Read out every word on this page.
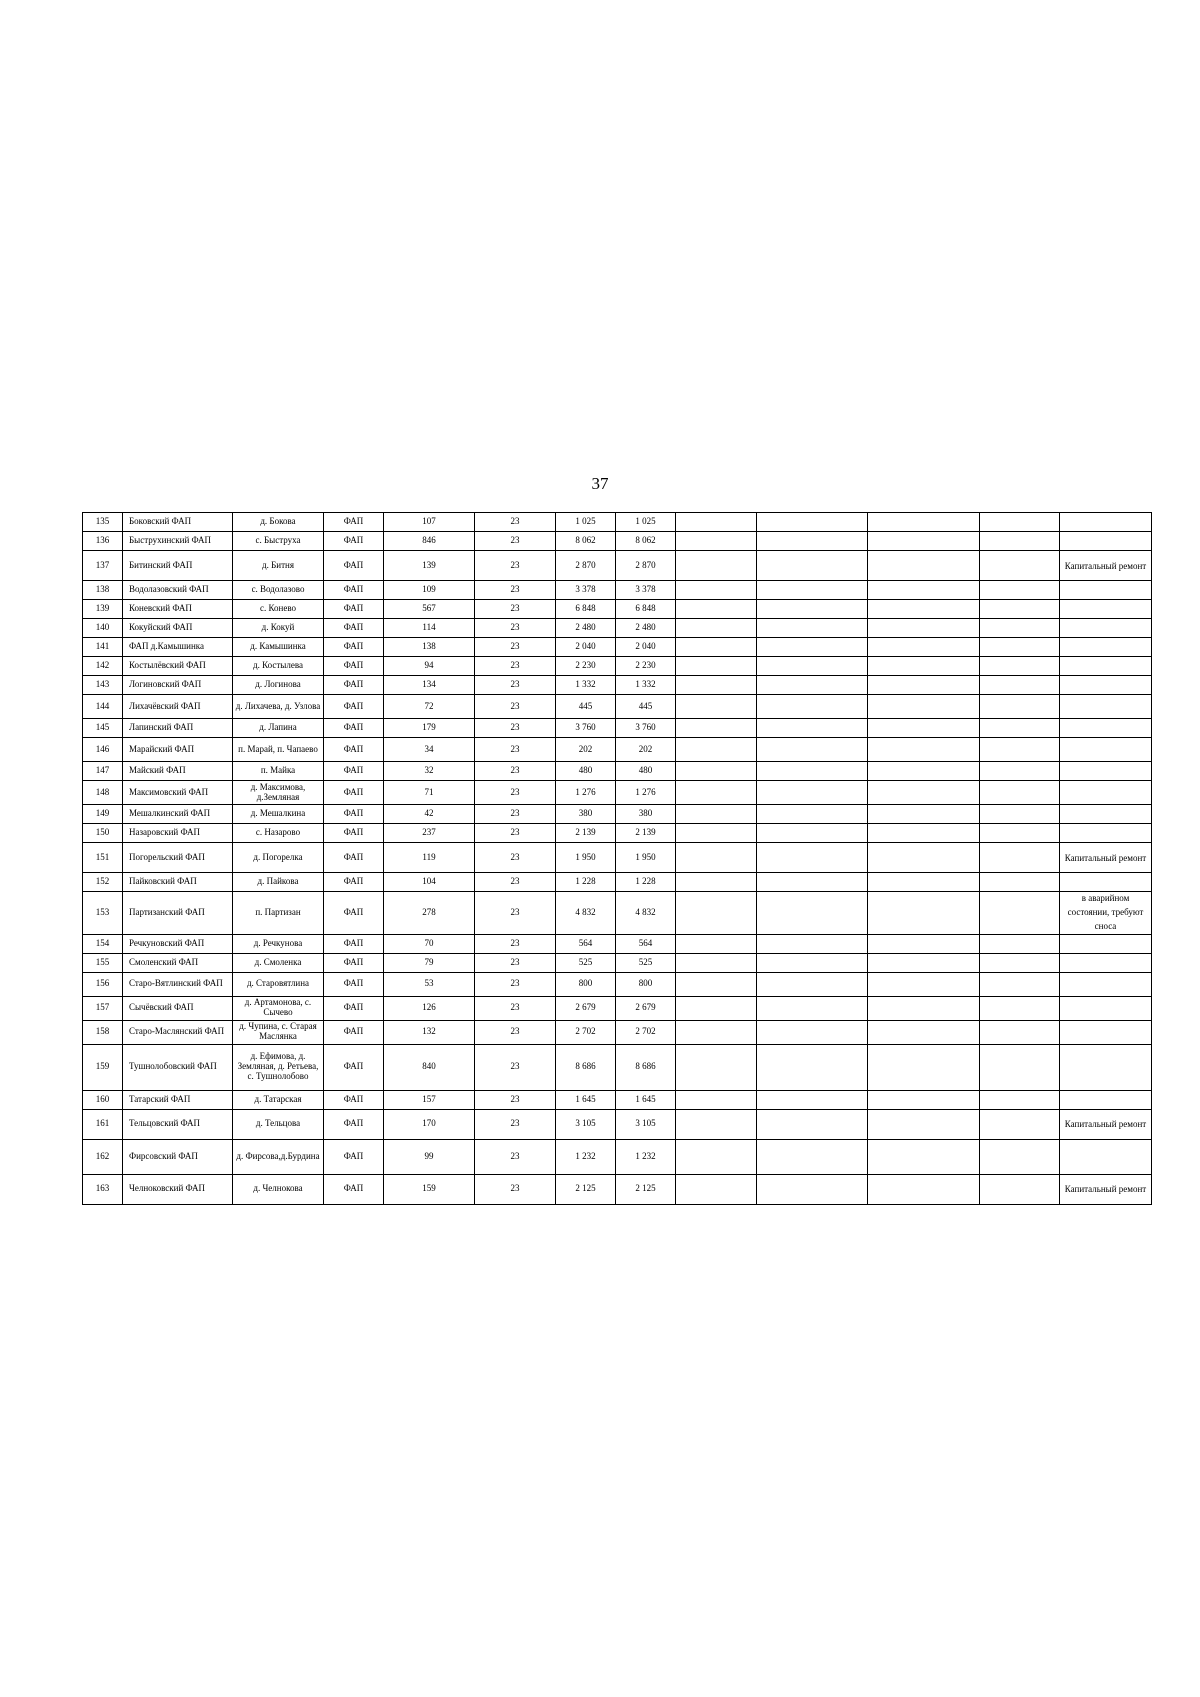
37
135	Боковский ФАП	д. Бокова	ФАП	107	23	1 025	1 025					
136	Быструхинский ФАП	с. Быструха	ФАП	846	23	8 062	8 062					
137	Битинский ФАП	д. Битня	ФАП	139	23	2 870	2 870					Капитальный ремонт
138	Водолазовский ФАП	с. Водолазово	ФАП	109	23	3 378	3 378					
139	Коневский ФАП	с. Конево	ФАП	567	23	6 848	6 848					
140	Кокуйский ФАП	д. Кокуй	ФАП	114	23	2 480	2 480					
141	ФАП д.Камышинка	д. Камышинка	ФАП	138	23	2 040	2 040					
142	Костылёвский ФАП	д. Костылева	ФАП	94	23	2 230	2 230					
143	Логиновский ФАП	д. Логинова	ФАП	134	23	1 332	1 332					
144	Лихачёвский ФАП	д. Лихачева, д. Узлова	ФАП	72	23	445	445					
145	Лапинский ФАП	д. Лапина	ФАП	179	23	3 760	3 760					
146	Марайский ФАП	п. Марай, п. Чапаево	ФАП	34	23	202	202					
147	Майский ФАП	п. Майка	ФАП	32	23	480	480					
148	Максимовский ФАП	д. Максимова, д.Земляная	ФАП	71	23	1 276	1 276					
149	Мешалкинский ФАП	д. Мешалкина	ФАП	42	23	380	380					
150	Назаровский ФАП	с. Назарово	ФАП	237	23	2 139	2 139					
151	Погорельский ФАП	д. Погорелка	ФАП	119	23	1 950	1 950					Капитальный ремонт
152	Пайковский ФАП	д. Пайкова	ФАП	104	23	1 228	1 228					
153	Партизанский ФАП	п. Партизан	ФАП	278	23	4 832	4 832					в аварийном состоянии, требуют сноса
154	Речкуновский ФАП	д. Речкунова	ФАП	70	23	564	564					
155	Смоленский ФАП	д. Смоленка	ФАП	79	23	525	525					
156	Старо-Вятлинский ФАП	д. Старовятлина	ФАП	53	23	800	800					
157	Сычёвский ФАП	д. Артамонова, с. Сычево	ФАП	126	23	2 679	2 679					
158	Старо-Маслянский ФАП	д. Чупина, с. Старая Маслянка	ФАП	132	23	2 702	2 702					
159	Тушнолобовский ФАП	д. Ефимова, д. Земляная, д. Ретьева, с. Тушнолобово	ФАП	840	23	8 686	8 686					
160	Татарский ФАП	д. Татарская	ФАП	157	23	1 645	1 645					
161	Тельцовский ФАП	д. Тельцова	ФАП	170	23	3 105	3 105					Капитальный ремонт
162	Фирсовский ФАП	д. Фирсова,д.Бурдина	ФАП	99	23	1 232	1 232					
163	Челноковский ФАП	д. Челнокова	ФАП	159	23	2 125	2 125					Капитальный ремонт
